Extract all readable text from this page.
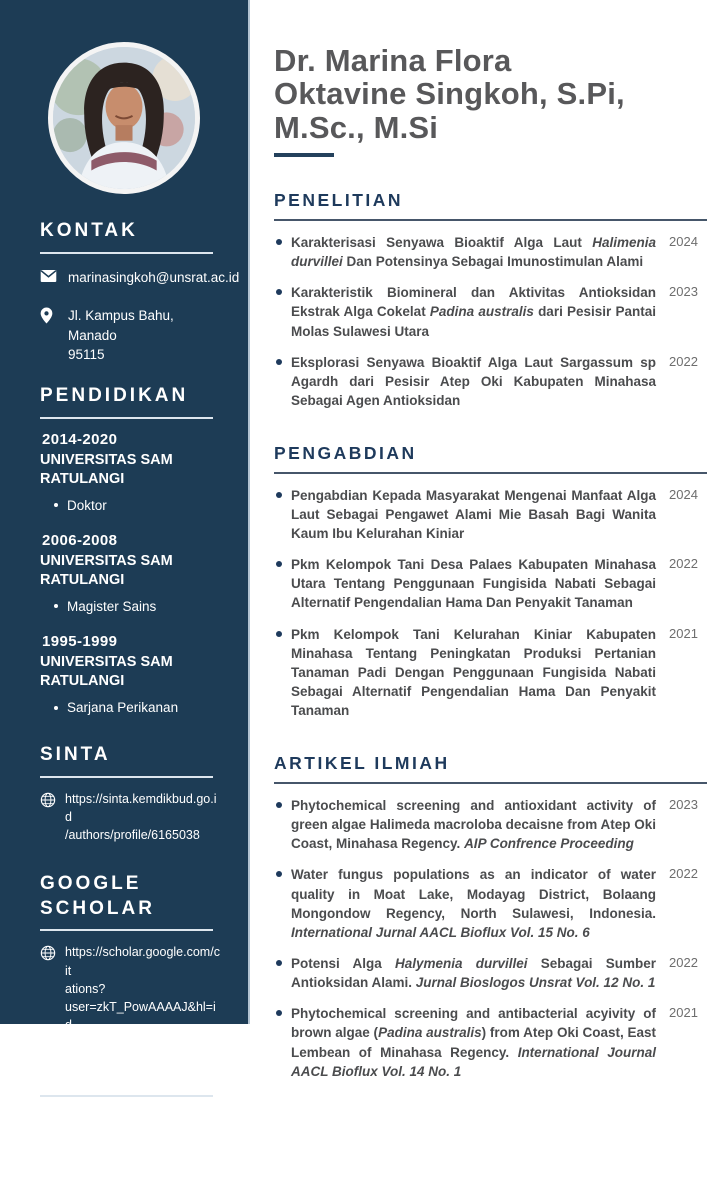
KONTAK
marinasingkoh@unsrat.ac.id
Jl. Kampus Bahu, Manado
95115
PENDIDIKAN
2014-2020
UNIVERSITAS SAM
RATULANGI
Doktor
2006-2008
UNIVERSITAS SAM
RATULANGI
Magister Sains
1995-1999
UNIVERSITAS SAM
RATULANGI
Sarjana Perikanan
SINTA
https://sinta.kemdikbud.go.id
/authors/profile/6165038
GOOGLE
SCHOLAR
https://scholar.google.com/cit
ations?
user=zkT_PowAAAAJ&hl=id
SCOPUS ID
https://www.scopus.com/authid/
detail.uri?authorId=57211623435
Dr. Marina Flora
Oktavine Singkoh, S.Pi,
M.Sc., M.Si
PENELITIAN

Karakterisasi Senyawa Bioaktif Alga Laut Halimenia durvillei Dan Potensinya Sebagai Imunostimulan Alami

2024

Karakteristik Biomineral dan Aktivitas Antioksidan Ekstrak Alga Cokelat Padina australis dari Pesisir Pantai Molas Sulawesi Utara

2023

Eksplorasi Senyawa Bioaktif Alga Laut Sargassum sp Agardh dari Pesisir Atep Oki Kabupaten Minahasa Sebagai Agen Antioksidan

2022
PENGABDIAN

Pengabdian Kepada Masyarakat Mengenai Manfaat Alga Laut Sebagai Pengawet Alami Mie Basah Bagi Wanita Kaum Ibu Kelurahan Kiniar

2024

Pkm Kelompok Tani Desa Palaes Kabupaten Minahasa Utara Tentang Penggunaan Fungisida Nabati Sebagai Alternatif Pengendalian Hama Dan Penyakit Tanaman

2022

Pkm Kelompok Tani Kelurahan Kiniar Kabupaten Minahasa Tentang Peningkatan Produksi Pertanian Tanaman Padi Dengan Penggunaan Fungisida Nabati Sebagai Alternatif Pengendalian Hama Dan Penyakit Tanaman

2021
ARTIKEL ILMIAH

Phytochemical screening and antioxidant activity of green algae Halimeda macroloba decaisne from Atep Oki Coast, Minahasa Regency. AIP Confrence Proceeding

2023

Water fungus populations as an indicator of water quality in Moat Lake, Modayag District, Bolaang Mongondow Regency, North Sulawesi, Indonesia. International Jurnal AACL Bioflux Vol. 15 No. 6

2022

Potensi Alga Halymenia durvillei Sebagai Sumber Antioksidan Alami. Jurnal Bioslogos Unsrat Vol. 12 No. 1

2022

Phytochemical screening and antibacterial acyivity of brown algae (Padina australis) from Atep Oki Coast, East Lembean of Minahasa Regency. International Journal AACL Bioflux Vol. 14 No. 1

2021
